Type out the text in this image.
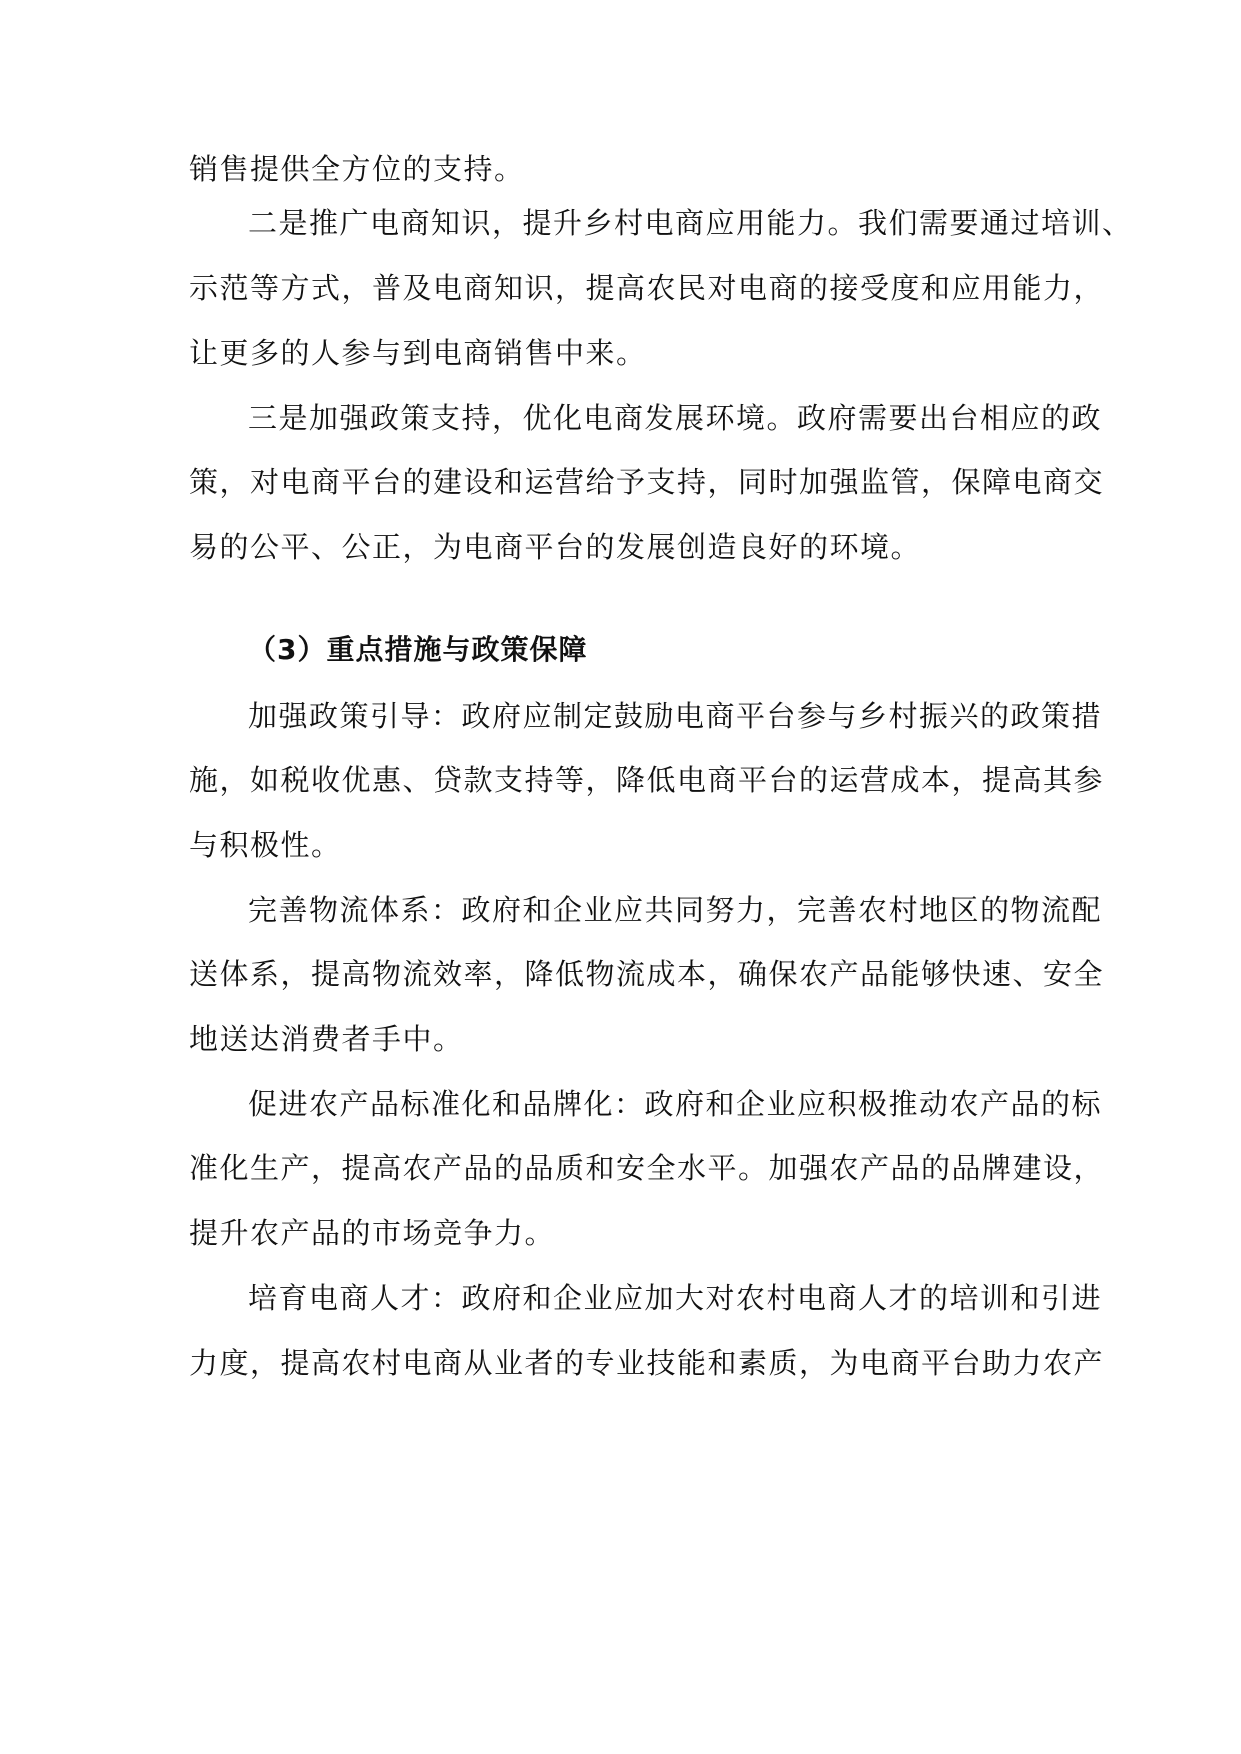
销售提供全方位的支持。
二是推广电商知识，提升乡村电商应用能力。我们需要通过培训、
示范等方式，普及电商知识，提高农民对电商的接受度和应用能力，
让更多的人参与到电商销售中来。
三是加强政策支持，优化电商发展环境。政府需要出台相应的政
策，对电商平台的建设和运营给予支持，同时加强监管，保障电商交
易的公平、公正，为电商平台的发展创造良好的环境。
（3）重点措施与政策保障
加强政策引导：政府应制定鼓励电商平台参与乡村振兴的政策措
施，如税收优惠、贷款支持等，降低电商平台的运营成本，提高其参
与积极性。
完善物流体系：政府和企业应共同努力，完善农村地区的物流配
送体系，提高物流效率，降低物流成本，确保农产品能够快速、安全
地送达消费者手中。
促进农产品标准化和品牌化：政府和企业应积极推动农产品的标
准化生产，提高农产品的品质和安全水平。加强农产品的品牌建设，
提升农产品的市场竞争力。
培育电商人才：政府和企业应加大对农村电商人才的培训和引进
力度，提高农村电商从业者的专业技能和素质，为电商平台助力农产
